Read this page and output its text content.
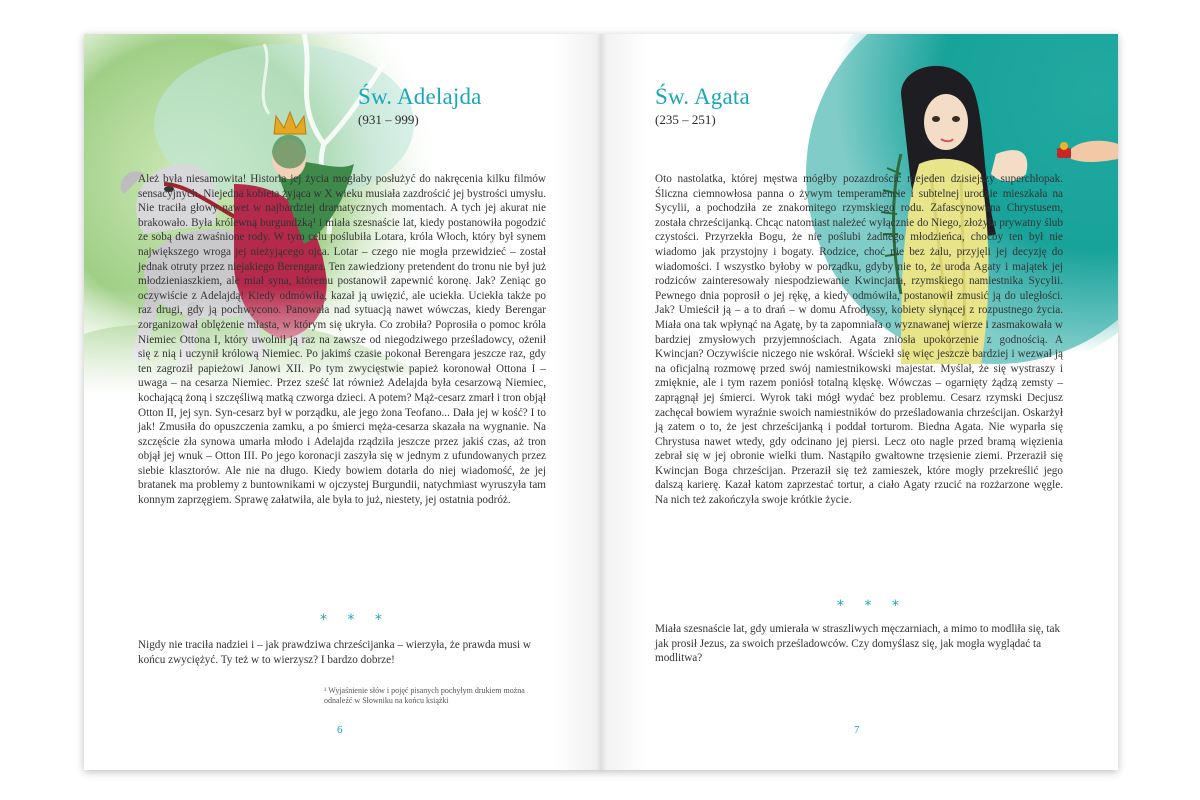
Św. Adelajda
(931 – 999)
Ależ była niesamowita! Historia jej życia mogłaby posłużyć do nakręcenia kilku filmów sensacyjnych. Niejedna kobieta żyjąca w X wieku musiała zazdrościć jej bystrości umysłu. Nie traciła głowy nawet w najbardziej dramatycznych momentach. A tych jej akurat nie brakowało. Była królewną burgundzką¹ i miała szesnaście lat, kiedy postanowiła pogodzić ze sobą dwa zwaśnione rody. W tym celu poślubiła Lotara, króla Włoch, który był synem największego wroga jej nieżyjącego ojca. Lotar – czego nie mogła przewidzieć – został jednak otruty przez niejakiego Berengara. Ten zawiedziony pretendent do tronu nie był już młodzieniaszkiem, ale miał syna, któremu postanowił zapewnić koronę. Jak? Zeniąc go oczywiście z Adelajdą! Kiedy odmówiła, kazał ją uwięzić, ale uciekła. Uciekła także po raz drugi, gdy ją pochwycono. Panowała nad sytuacją nawet wówczas, kiedy Berengar zorganizował oblężenie miasta, w którym się ukryła. Co zrobiła? Poprosiła o pomoc króla Niemiec Ottona I, który uwolnił ją raz na zawsze od niegodziwego prześladowcy, ożenił się z nią i uczynił królową Niemiec. Po jakimś czasie pokonał Berengara jeszcze raz, gdy ten zagroził papieżowi Janowi XII. Po tym zwycięstwie papież koronował Ottona I – uwaga – na cesarza Niemiec. Przez sześć lat również Adelajda była cesarzową Niemiec, kochającą żoną i szczęśliwą matką czworga dzieci. A potem? Mąż-cesarz zmarł i tron objął Otton II, jej syn. Syn-cesarz był w porządku, ale jego żona Teofano... Dała jej w kość? I to jak! Zmusiła do opuszczenia zamku, a po śmierci męża-cesarza skazała na wygnanie. Na szczęście zła synowa umarła młodo i Adelajda rządziła jeszcze przez jakiś czas, aż tron objął jej wnuk – Otton III. Po jego koronacji zaszyła się w jednym z ufundowanych przez siebie klasztorów. Ale nie na długo. Kiedy bowiem dotarła do niej wiadomość, że jej bratanek ma problemy z buntownikami w ojczystej Burgundii, natychmiast wyruszyła tam konnym zaprzęgiem. Sprawę załatwiła, ale była to już, niestety, jej ostatnia podróż.
* * *
Nigdy nie traciła nadziei i – jak prawdziwa chrześcijanka – wierzyła, że prawda musi w końcu zwyciężyć. Ty też w to wierzysz? I bardzo dobrze!
¹ Wyjaśnienie słów i pojęć pisanych pochyłym drukiem można odnaleźć w Słowniku na końcu książki
6
Św. Agata
(235 – 251)
Oto nastolatka, której męstwa mógłby pozazdrościć niejeden dzisiejszy superchłopak. Śliczna ciemnowłosa panna o żywym temperamencie i subtelnej urodzie mieszkała na Sycylii, a pochodziła ze znakomitego rzymskiego rodu. Zafascynowana Chrystusem, została chrześcijanką. Chcąc natomiast należeć wyłącznie do Niego, złożyła prywatny ślub czystości. Przyrzekła Bogu, że nie poślubi żadnego młodzieńca, choćby ten był nie wiadomo jak przystojny i bogaty. Rodzice, choć nie bez żalu, przyjęli jej decyzję do wiadomości. I wszystko byłoby w porządku, gdyby nie to, że uroda Agaty i majątek jej rodziców zainteresowały niespodziewanie Kwincjana, rzymskiego namiestnika Sycylii. Pewnego dnia poprosił o jej rękę, a kiedy odmówiła, postanowił zmusić ją do uległości. Jak? Umieścił ją – a to drań – w domu Afrodyssy, kobiety słynącej z rozpustnego życia. Miała ona tak wpłynąć na Agatę, by ta zapomniała o wyznawanej wierze i zasmakowała w bardziej zmysłowych przyjemnościach. Agata zniosła upokorzenie z godnością. A Kwincjan? Oczywiście niczego nie wskórał. Wściekł się więc jeszcze bardziej i wezwał ją na oficjalną rozmowę przed swój namiestnikowski majestat. Myślał, że się wystraszy i zmięknie, ale i tym razem poniósł totalną klęskę. Wówczas – ogarnięty żądzą zemsty – zaprągnął jej śmierci. Wyrok taki mógł wydać bez problemu. Cesarz rzymski Decjusz zachęcał bowiem wyraźnie swoich namiestników do prześladowania chrześcijan. Oskarżył ją zatem o to, że jest chrześcijanką i poddał torturom. Biedna Agata. Nie wyparła się Chrystusa nawet wtedy, gdy odcinano jej piersi. Lecz oto nagle przed bramą więzienia zebrał się w jej obronie wielki tłum. Nastąpiło gwałtowne trzęsienie ziemi. Przeraził się Kwincjan Boga chrześcijan. Przeraził się też zamieszek, które mogły przekreślić jego dalszą karierę. Kazał katom zaprzestać tortur, a ciało Agaty rzucić na rozżarzone węgle. Na nich też zakończyła swoje krótkie życie.
* * *
Miała szesnaście lat, gdy umierała w straszliwych męczarniach, a mimo to modliła się, tak jak prosił Jezus, za swoich prześladowców. Czy domyślasz się, jak mogła wyglądać ta modlitwa?
7
